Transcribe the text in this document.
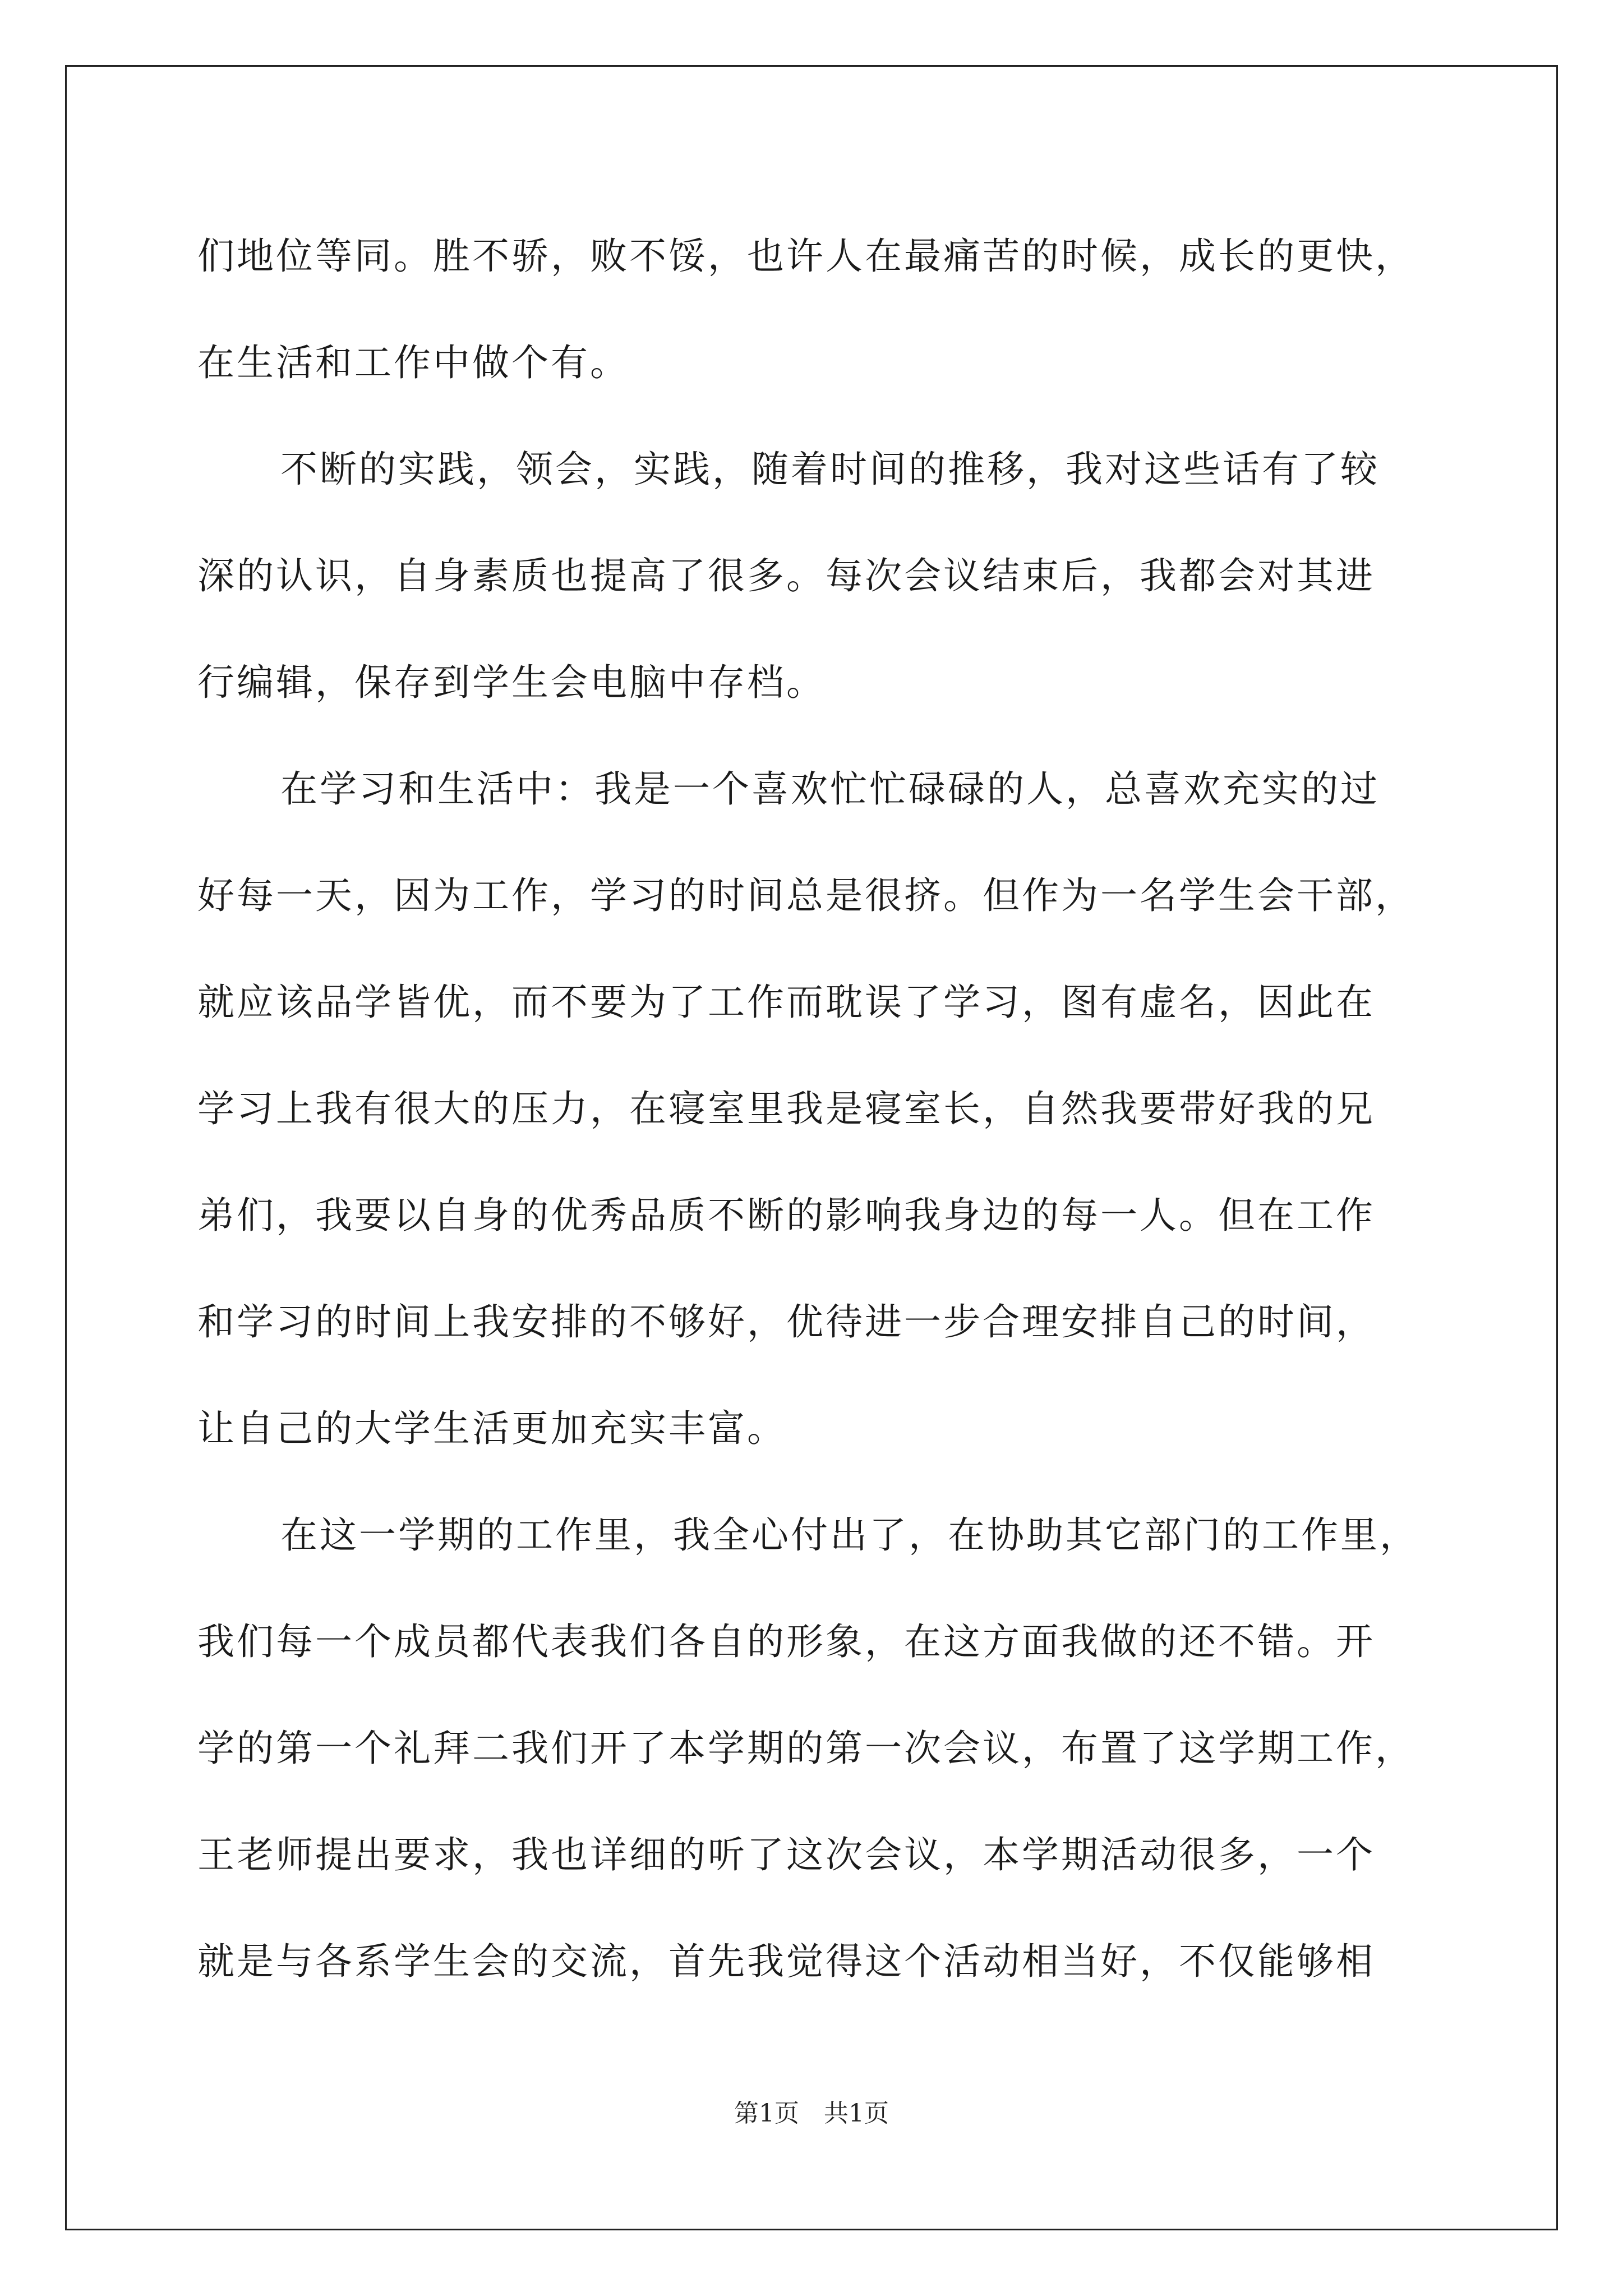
们地位等同。胜不骄，败不馁，也许人在最痛苦的时候，成长的更快，
在生活和工作中做个有。
不断的实践，领会，实践，随着时间的推移，我对这些话有了较
深的认识，自身素质也提高了很多。每次会议结束后，我都会对其进
行编辑，保存到学生会电脑中存档。
在学习和生活中：我是一个喜欢忙忙碌碌的人，总喜欢充实的过
好每一天，因为工作，学习的时间总是很挤。但作为一名学生会干部，
就应该品学皆优，而不要为了工作而耽误了学习，图有虚名，因此在
学习上我有很大的压力，在寝室里我是寝室长，自然我要带好我的兄
弟们，我要以自身的优秀品质不断的影响我身边的每一人。但在工作
和学习的时间上我安排的不够好，优待进一步合理安排自己的时间，
让自己的大学生活更加充实丰富。
在这一学期的工作里，我全心付出了，在协助其它部门的工作里，
我们每一个成员都代表我们各自的形象，在这方面我做的还不错。开
学的第一个礼拜二我们开了本学期的第一次会议，布置了这学期工作，
王老师提出要求，我也详细的听了这次会议，本学期活动很多，一个
就是与各系学生会的交流，首先我觉得这个活动相当好，不仅能够相
第1页　共1页
